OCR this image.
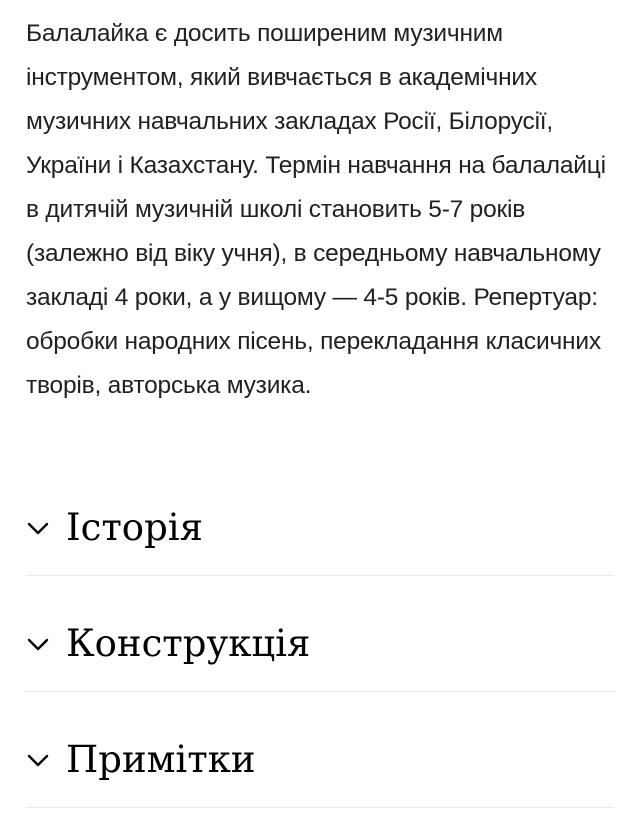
Балалайка є досить поширеним музичним інструментом, який вивчається в академічних музичних навчальних закладах Росії, Білорусії, України і Казахстану. Термін навчання на балалайці в дитячій музичній школі становить 5-7 років (залежно від віку учня), в середньому навчальному закладі 4 роки, а у вищому — 4-5 років. Репертуар: обробки народних пісень, перекладання класичних творів, авторська музика.

Історія
Конструкція
Примітки
